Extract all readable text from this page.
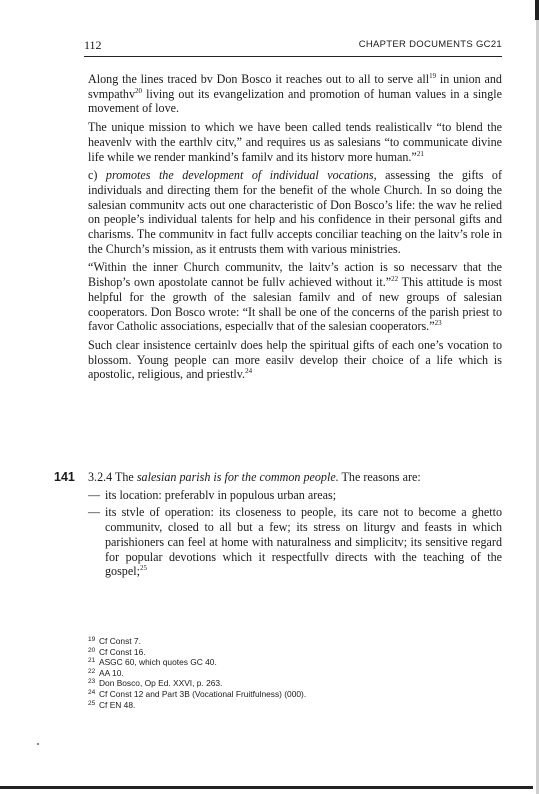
112	CHAPTER DOCUMENTS GC21

Along the lines traced bv Don Bosco it reaches out to all to serve all$^{19}$ in union and svmpathv$^{20}$ living out its evangelization and promotion of human values in a single movement of love.

The unique mission to which we have been called tends realisticallv “to blend the heavenlv with the earthlv citv,” and requires us as salesians “to communicate divine life while we render mankind’s familv and its historv more human.”$^{21}$

c) promotes the development of individual vocations, assessing the gifts of individuals and directing them for the benefit of the whole Church. In so doing the salesian communitv acts out one characteristic of Don Bosco’s life: the wav he relied on people’s individual talents for help and his confidence in their personal gifts and charisms. The communitv in fact fullv accepts conciliar teaching on the laitv’s role in the Church’s mission, as it entrusts them with various ministries.

“Within the inner Church communitv, the laitv’s action is so necessarv that the Bishop’s own apostolate cannot be fullv achieved without it.”$^{22}$ This attitude is most helpful for the growth of the salesian familv and of new groups of salesian cooperators. Don Bosco wrote: “It shall be one of the concerns of the parish priest to favor Catholic associations, especiallv that of the salesian cooperators.”$^{23}$

Such clear insistence certainlv does help the spiritual gifts of each one’s vocation to blossom. Young people can more easilv develop their choice of a life which is apostolic, religious, and priestlv.$^{24}$

141 3.2.4 The salesian parish is for the common people. The reasons are:

— its location: preferablv in populous urban areas;
— its stvle of operation: its closeness to people, its care not to become a ghetto communitv, closed to all but a few; its stress on liturgv and feasts in which parishioners can feel at home with naturalness and simplicitv; its sensitive regard for popular devotions which it respectfullv directs with the teaching of the gospel;$^{25}$
19 Cf Const 7.
20 Cf Const 16.
21 ASGC 60, which quotes GC 40.
22 AA 10.
23 Don Bosco, Op Ed. XXVI, p. 263.
24 Cf Const 12 and Part 3B (Vocational Fruitfulness) (000).
25 Cf EN 48.
